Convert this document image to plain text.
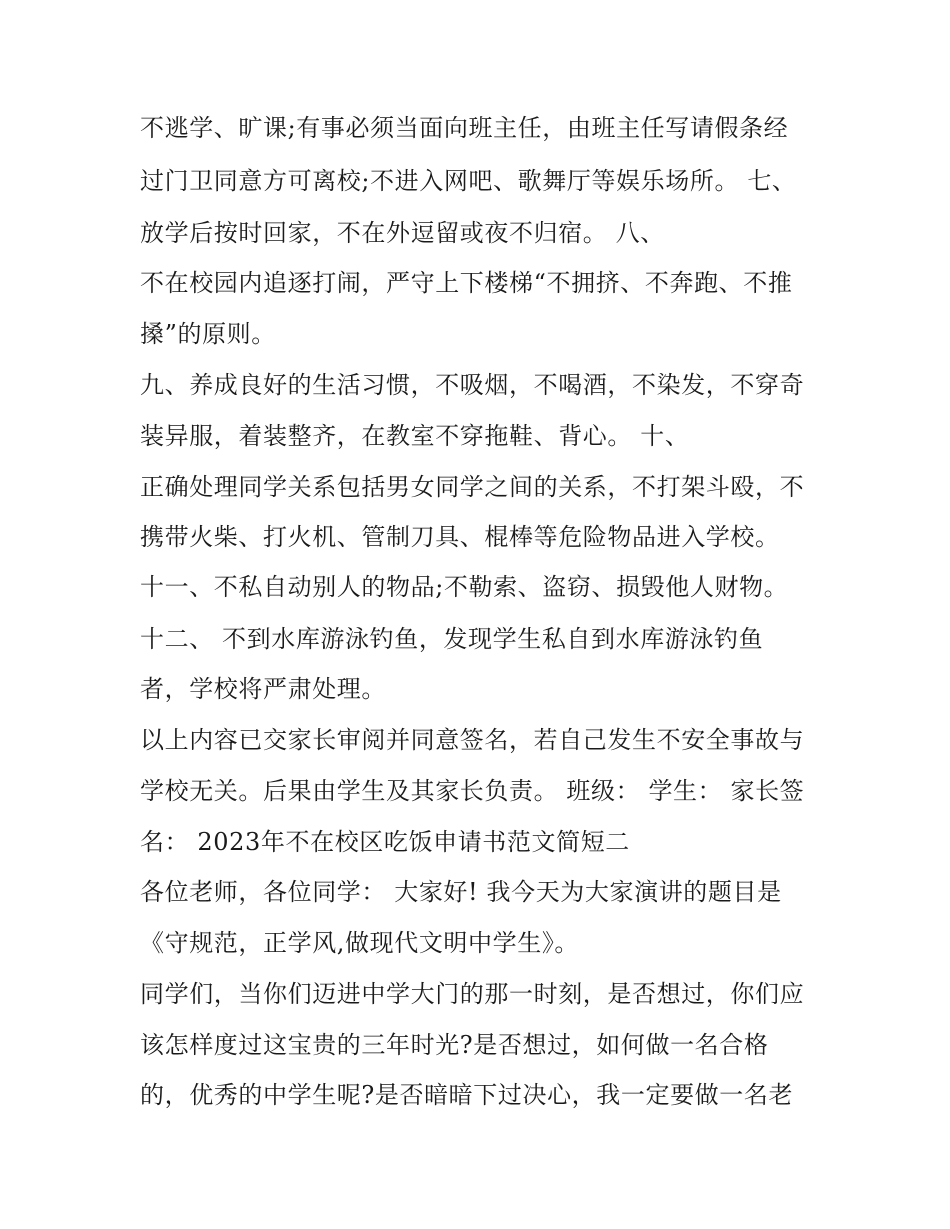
不逃学、旷课;有事必须当面向班主任，由班主任写请假条经
过门卫同意方可离校;不进入网吧、歌舞厅等娱乐场所。 七、
放学后按时回家，不在外逗留或夜不归宿。 八、
不在校园内追逐打闹，严守上下楼梯“不拥挤、不奔跑、不推
搡”的原则。
九、养成良好的生活习惯，不吸烟，不喝酒，不染发，不穿奇
装异服，着装整齐，在教室不穿拖鞋、背心。 十、
正确处理同学关系包括男女同学之间的关系，不打架斗殴，不
携带火柴、打火机、管制刀具、棍棒等危险物品进入学校。
十一、不私自动别人的物品;不勒索、盗窃、损毁他人财物。
十二、 不到水库游泳钓鱼，发现学生私自到水库游泳钓鱼
者，学校将严肃处理。
以上内容已交家长审阅并同意签名，若自己发生不安全事故与
学校无关。后果由学生及其家长负责。 班级： 学生： 家长签
名： 2023年不在校区吃饭申请书范文简短二
各位老师，各位同学： 大家好! 我今天为大家演讲的题目是
《守规范，正学风,做现代文明中学生》。
同学们，当你们迈进中学大门的那一时刻，是否想过，你们应
该怎样度过这宝贵的三年时光?是否想过，如何做一名合格
的，优秀的中学生呢?是否暗暗下过决心，我一定要做一名老
